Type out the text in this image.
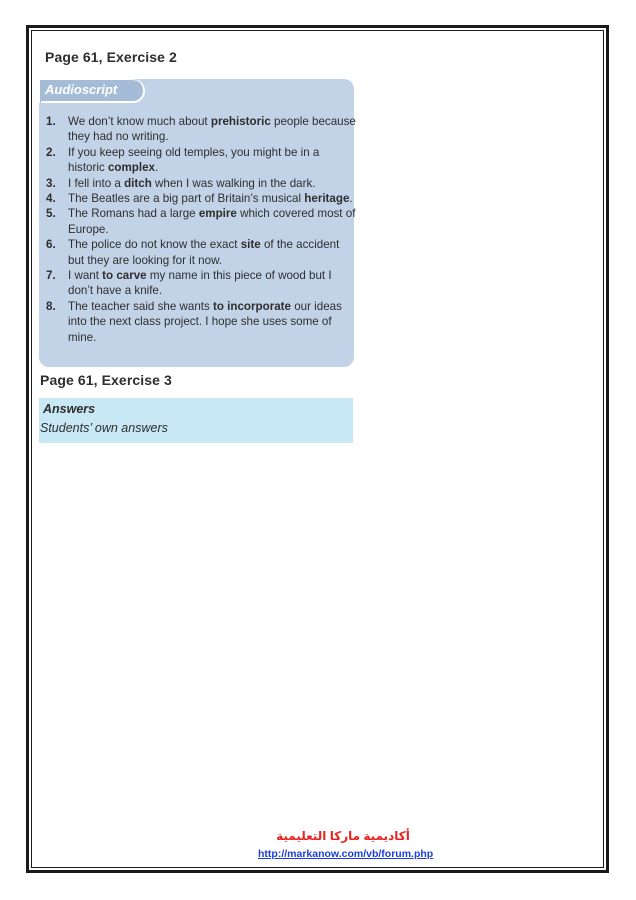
Page 61, Exercise 2
Audioscript
1. We don’t know much about prehistoric people because they had no writing.
2. If you keep seeing old temples, you might be in a historic complex.
3. I fell into a ditch when I was walking in the dark.
4. The Beatles are a big part of Britain’s musical heritage.
5. The Romans had a large empire which covered most of Europe.
6. The police do not know the exact site of the accident but they are looking for it now.
7. I want to carve my name in this piece of wood but I don’t have a knife.
8. The teacher said she wants to incorporate our ideas into the next class project. I hope she uses some of mine.
Page 61, Exercise 3
Answers
Students’ own answers
أكاديمية ماركا التعليمية
http://markanow.com/vb/forum.php
